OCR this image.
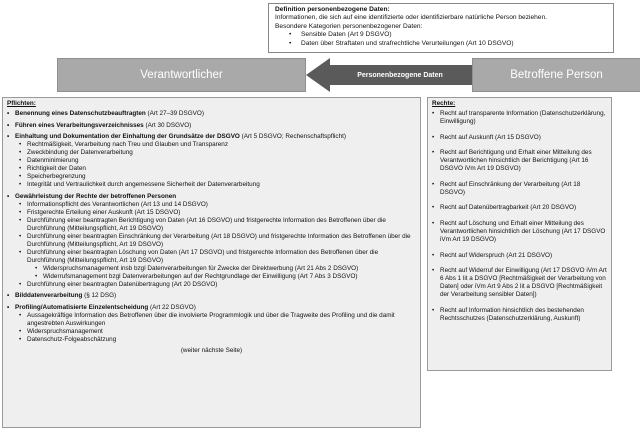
Definition personenbezogene Daten:
Informationen, die sich auf eine identifizierte oder identifizierbare natürliche Person beziehen.
Besondere Kategorien personenbezogener Daten:
• Sensible Daten (Art 9 DSGVO)
• Daten über Straftaten und strafrechtliche Verurteilungen (Art 10 DSGVO)
Verantwortlicher	Personenbezogene Daten	Betroffene Person
Pflichten:
• Benennung eines Datenschutzbeauftragten (Art 27–39 DSGVO)
• Führen eines Verarbeitungsverzeichnisses (Art 30 DSGVO)
• Einhaltung und Dokumentation der Einhaltung der Grundsätze der DSGVO (Art 5 DSGVO; Rechenschaftspflicht)
• Rechtmäßigkeit, Verarbeitung nach Treu und Glauben und Transparenz
• Zweckbindung der Datenverarbeitung
• Datenminimierung
• Richtigkeit der Daten
• Speicherbegrenzung
• Integrität und Vertraulichkeit durch angemessene Sicherheit der Datenverarbeitung
• Gewährleistung der Rechte der betroffenen Personen
• Informationspflicht des Verantwortlichen (Art 13 und 14 DSGVO)
• Fristgerechte Erteilung einer Auskunft (Art 15 DSGVO)
• Durchführung einer beantragten Berichtigung von Daten (Art 16 DSGVO) und fristgerechte Information des Betroffenen über die Durchführung (Mitteilungspflicht, Art 19 DSGVO)
• Durchführung einer beantragten Einschränkung der Verarbeitung (Art 18 DSGVO) und fristgerechte Information des Betroffenen über die Durchführung (Mitteilungspflicht, Art 19 DSGVO)
• Durchführung einer beantragten Löschung von Daten (Art 17 DSGVO) und fristgerechte Information des Betroffenen über die Durchführung (Mitteilungspflicht, Art 19 DSGVO)
• Widerspruchsmanagement insb bzgl Datenverarbeitungen für Zwecke der Direktwerbung (Art 21 Abs 2 DSGVO)
• Widerrufsmanagement bzgl Datenverarbeitungen auf der Rechtgrundlage der Einwilligung (Art 7 Abs 3 DSGVO)
• Durchführung einer beantragten Datenübertragung (Art 20 DSGVO)
• Bilddatenverarbeitung (§ 12 DSG)
• Profiling/Automatisierte Einzelentscheidung (Art 22 DSGVO)
• Aussagekräftige Information des Betroffenen über die involvierte Programmlogik und über die Tragweite des Profiling und die damit angestrebten Auswirkungen
• Widerspruchsmanagement
• Datenschutz-Folgeabschätzung
(weiter nächste Seite)
Rechte:
• Recht auf transparente Information (Datenschutzerklärung, Einwilligung)
• Recht auf Auskunft (Art 15 DSGVO)
• Recht auf Berichtigung und Erhalt einer Mitteilung des Verantwortlichen hinsichtlich der Berichtigung (Art 16 DSGVO iVm Art 19 DSGVO)
• Recht auf Einschränkung der Verarbeitung (Art 18 DSGVO)
• Recht auf Datenübertragbarkeit (Art 20 DSGVO)
• Recht auf Löschung und Erhalt einer Mitteilung des Verantwortlichen hinsichtlich der Löschung (Art 17 DSGVO iVm Art 19 DSGVO)
• Recht auf Widerspruch (Art 21 DSGVO)
• Recht auf Widerruf der Einwilligung (Art 17 DSGVO iVm Art 6 Abs 1 lit a DSGVO [Rechtmäßigkeit der Verarbeitung von Daten] oder iVm Art 9 Abs 2 lit a DSGVO [Rechtmäßigkeit der Verarbeitung sensibler Daten])
• Recht auf Information hinsichtlich des bestehenden Rechtsschutzes (Datenschutzerklärung, Auskunft)
